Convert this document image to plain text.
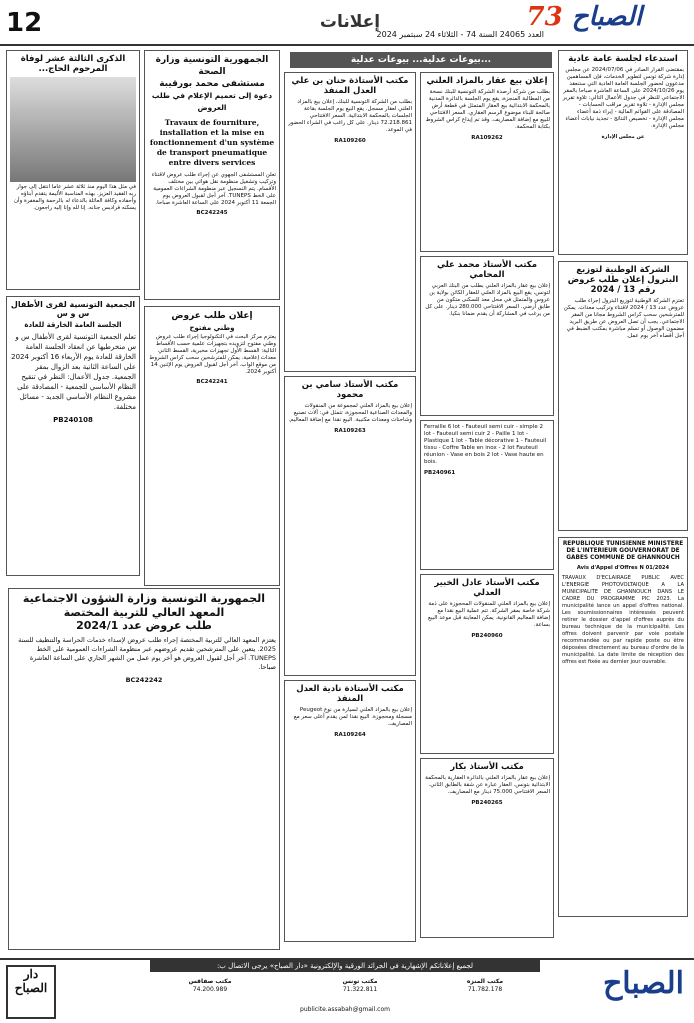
12	إعلانات	73 الصباح
العدد 24065 السنة 74 - الثلاثاء 24 سبتمبر 2024
استدعاء لجلسة عامة عادية
بمقتضى القرار الصادر في 2024/07/06 عن مجلس إدارة شركة تونس لتطوير الخدمات، فإن المساهمين مدعوون لحضور الجلسة العامة العادية التي ستنعقد يوم 2024/10/26 على الساعة العاشرة صباحا بالمقر الاجتماعي للنظر في جدول الأعمال التالي: تلاوة تقرير مجلس الإدارة - تلاوة تقرير مراقب الحسابات - المصادقة على القوائم المالية - إبراء ذمة أعضاء مجلس الإدارة - تخصيص النتائج - تجديد نيابات أعضاء مجلس الإدارة.
عن مجلس الإدارة
الشركة الوطنية لتوزيع البترول إعلان طلب عروض رقم 13 / 2024
تعتزم الشركة الوطنية لتوزيع البترول إجراء طلب عروض عدد 13 / 2024 لاقتناء وتركيب معدات. يمكن للمترشحين سحب كراس الشروط مجانا من المقر الاجتماعي. يجب أن تصل العروض عن طريق البريد مضمون الوصول أو تسلم مباشرة بمكتب الضبط في أجل أقصاه آخر يوم عمل.
REPUBLIQUE TUNISIENNE MINISTERE DE L'INTERIEUR GOUVERNORAT DE GABES COMMUNE DE GHANNOUCH
Avis d'Appel d'Offres N 01/2024
TRAVAUX D'ECLAIRAGE PUBLIC AVEC L'ENERGIE PHOTOVOLTAIQUE A LA MUNICIPALITE DE GHANNOUCH DANS LE CADRE DU PROGRAMME PIC 2023. La municipalité lance un appel d'offres national. Les soumissionnaires intéressés peuvent retirer le dossier d'appel d'offres auprès du bureau technique de la municipalité. Les offres doivent parvenir par voie postale recommandée ou par rapide poste ou être déposées directement au bureau d'ordre de la municipalité. La date limite de réception des offres est fixée au dernier jour ouvrable.
بيوعات عدلية... بيوعات عدلية...
إعلان بيع عقار بالمزاد العلني
بطلب من شركة أرصدة الشركة التونسية للبنك نسخة من المطالبة المنجزة، يقع يوم الجلسة بالدائرة المدنية بالمحكمة الابتدائية بيع العقار المتمثل في قطعة أرض صالحة للبناء موضوع الرسم العقاري. السعر الافتتاحي للبيع مع إضافة المصاريف. وقد تم إيداع كراس الشروط بكتابة المحكمة.
RA109262
مكتب الأستاذ محمد علي المحامي
إعلان بيع عقار بالمزاد العلني بطلب من البنك العربي لتونس، يقع البيع بالمزاد العلني للعقار الكائن بولاية بن عروس والمتمثل في محل معد للسكنى متكون من طابق أرضي. السعر الافتتاحي 280.000 دينار. على كل من يرغب في المشاركة أن يقدم ضمانا بنكيا.
Ferraille 6 lot - Fauteuil semi cuir - simple 2 lot - Fauteuil semi cuir 2 - Paille 1 lot - Plastique 1 lot - Table décorative 1 - Fauteuil tissu - Coffre Table en inox - 2 lot Fauteuil réunion - Vase en bois 2 lot - Vase haute en bois.
PB240961
مكتب الأستاذ عادل الخبير العدلي
إعلان بيع بالمزاد العلني للمنقولات المحجوزة على ذمة شركة خاصة بمقر الشركة. تتم عملية البيع نقدا مع إضافة المعاليم القانونية. يمكن المعاينة قبل موعد البيع بساعة.
PB240960
مكتب الأستاذ بكار
إعلان بيع عقار بالمزاد العلني بالدائرة العقارية بالمحكمة الابتدائية بتونس. العقار عبارة عن شقة بالطابق الثاني. السعر الافتتاحي 75.000 دينار مع المصاريف.
PB240265
مكتب الأستاذة حنان بن علي العدل المنفذ
بطلب من الشركة التونسية للبنك، إعلان بيع بالمزاد العلني لعقار مسجل. يقع البيع يوم الجلسة بقاعة الجلسات بالمحكمة الابتدائية. السعر الافتتاحي 72.218.861 دينار. على كل راغب في الشراء الحضور في الموعد.
RA109260
مكتب الأستاذ سامي بن محمود
إعلان بيع بالمزاد العلني لمجموعة من المنقولات والمعدات الصناعية المحجوزة، تتمثل في: آلات تصنيع وشاحنات ومعدات مكتبية. البيع نقدا مع إضافة المعاليم.
RA109263
مكتب الأستاذة نادية العدل المنفذ
إعلان بيع بالمزاد العلني لسيارة من نوع Peugeot مسجلة ومحجوزة. البيع نقدا لمن يقدم أعلى سعر مع المصاريف.
RA109264
الجمهورية التونسية وزارة الصحة
مستشفى محمد بورقيبة
دعوة إلى تعميم الإعلام في طلب العروض
Travaux de fourniture, installation et la mise en fonctionnement d'un système de transport pneumatique entre divers services
تعلن المستشفى الجهوي عن إجراء طلب عروض لاقتناء وتركيب وتشغيل منظومة نقل هوائي بين مختلف الأقسام. يتم التسجيل عبر منظومة الشراءات العمومية على الخط TUNEPS. آخر أجل لقبول العروض يوم الجمعة 11 أكتوبر 2024 على الساعة العاشرة صباحا.
BC242245
إعلان طلب عروض
وطني مفتوح
يعتزم مركز البحث في التكنولوجيا إجراء طلب عروض وطني مفتوح لتزويده بتجهيزات علمية حسب الأقساط التالية: القسط الأول تجهيزات مخبرية، القسط الثاني معدات إعلامية. يمكن للمترشحين سحب كراس الشروط من موقع الواب. آخر أجل لقبول العروض يوم الإثنين 14 أكتوبر 2024.
BC242241
الجمهورية التونسية وزارة الشؤون الاجتماعية المعهد العالي للتربية المختصة
طلب عروض عدد 2024/1
يعتزم المعهد العالي للتربية المختصة إجراء طلب عروض لإسداء خدمات الحراسة والتنظيف للسنة 2025. يتعين على المترشحين تقديم عروضهم عبر منظومة الشراءات العمومية على الخط TUNEPS. آخر أجل لقبول العروض هو آخر يوم عمل من الشهر الجاري على الساعة العاشرة صباحا.
BC242242
الذكرى الثالثة عشر لوفاة المرحوم الحاج...
في مثل هذا اليوم منذ ثلاثة عشر عاما انتقل إلى جوار ربه الفقيد العزيز. بهذه المناسبة الأليمة يتقدم أبناؤه وأحفاده وكافة العائلة بالدعاء له بالرحمة والمغفرة وأن يسكنه فراديس جنانه. إنا لله وإنا إليه راجعون.
الجمعية التونسية لقرى الأطفال س و س
الجلسة العامة الخارقة للعادة
تعلم الجمعية التونسية لقرى الأطفال س و س منخرطيها عن انعقاد الجلسة العامة الخارقة للعادة يوم الأربعاء 16 أكتوبر 2024 على الساعة الثانية بعد الزوال بمقر الجمعية. جدول الأعمال: النظر في تنقيح النظام الأساسي للجمعية - المصادقة على مشروع النظام الأساسي الجديد - مسائل مختلفة.
PB240108
لجميع إعلاناتكم الإشهارية في الجرائد الورقية والإلكترونية «دار الصباح» يرجى الاتصال ب:	الصباح
دار الصباح	مكتب المنزه
71.782.178
مكتب تونس
71.322.811
مكتب صفاقس
74.200.989
publicite.assabah@gmail.com
